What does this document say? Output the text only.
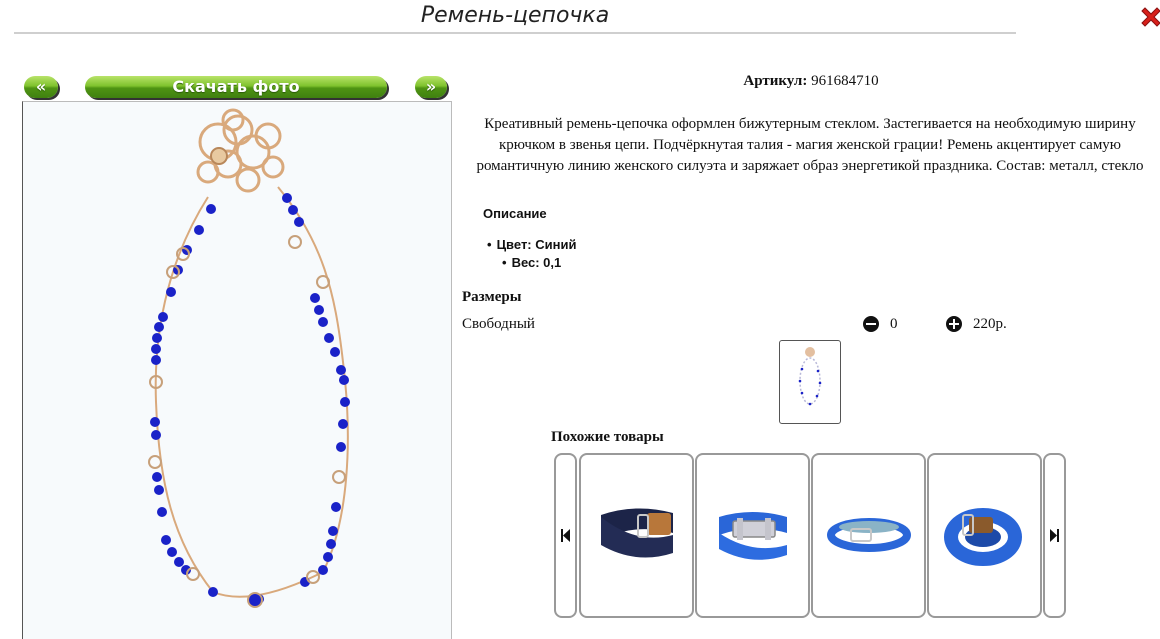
Ремень-цепочка
«	Скачать фото	»	Артикул: 961684710
Креативный ремень-цепочка оформлен бижутерным стеклом. Застегивается на необходимую ширину крючком в звенья цепи. Подчёркнутая талия - магия женской грации! Ремень акцентирует самую романтичную линию женского силуэта и заряжает образ энергетикой праздника. Состав: металл, стекло
Описание
• Цвет: Синий
• Вес: 0,1
Размеры
Свободный	0	220р.
Похожие товары
